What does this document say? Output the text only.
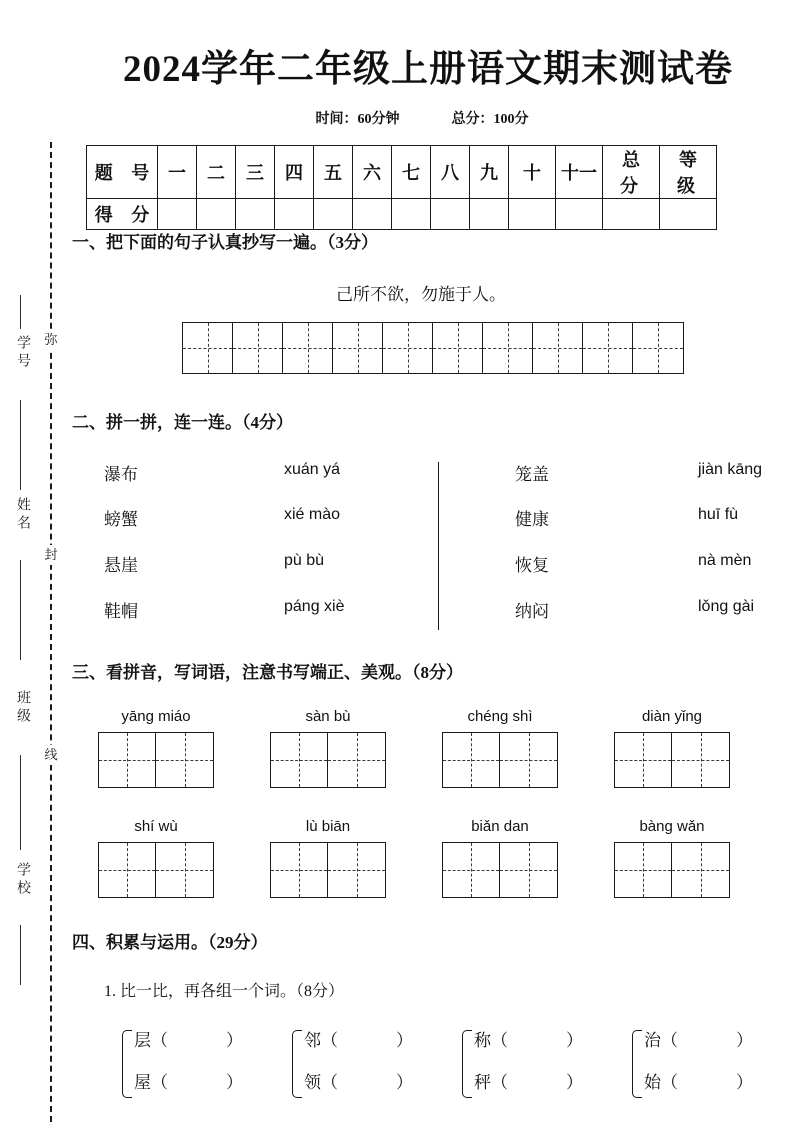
弥
封
线
学号
姓名
班级
学校
2024学年二年级上册语文期末测试卷
时间：60分钟	总分：100分
题 号	一	二	三	四	五	六	七	八	九	十	十一	总 分	等 级
得 分													
一、把下面的句子认真抄写一遍。（3分）
己所不欲，勿施于人。
二、拼一拼，连一连。（4分）
瀑布
螃蟹
悬崖
鞋帽
xuán yá
xié mào
pù bù
páng xiè
笼盖
健康
恢复
纳闷
jiàn kāng
huī fù
nà mèn
lǒng gài
三、看拼音，写词语，注意书写端正、美观。（8分）
yāng miáo	sàn bù	chéng shì	diàn yǐng
shí wù	lù biān	biǎn dan	bàng wǎn
四、积累与运用。（29分）
1. 比一比，再各组一个词。（8分）
层（	）
屋（	）
邻（	）
领（	）
称（	）
秤（	）
治（	）
始（	）
